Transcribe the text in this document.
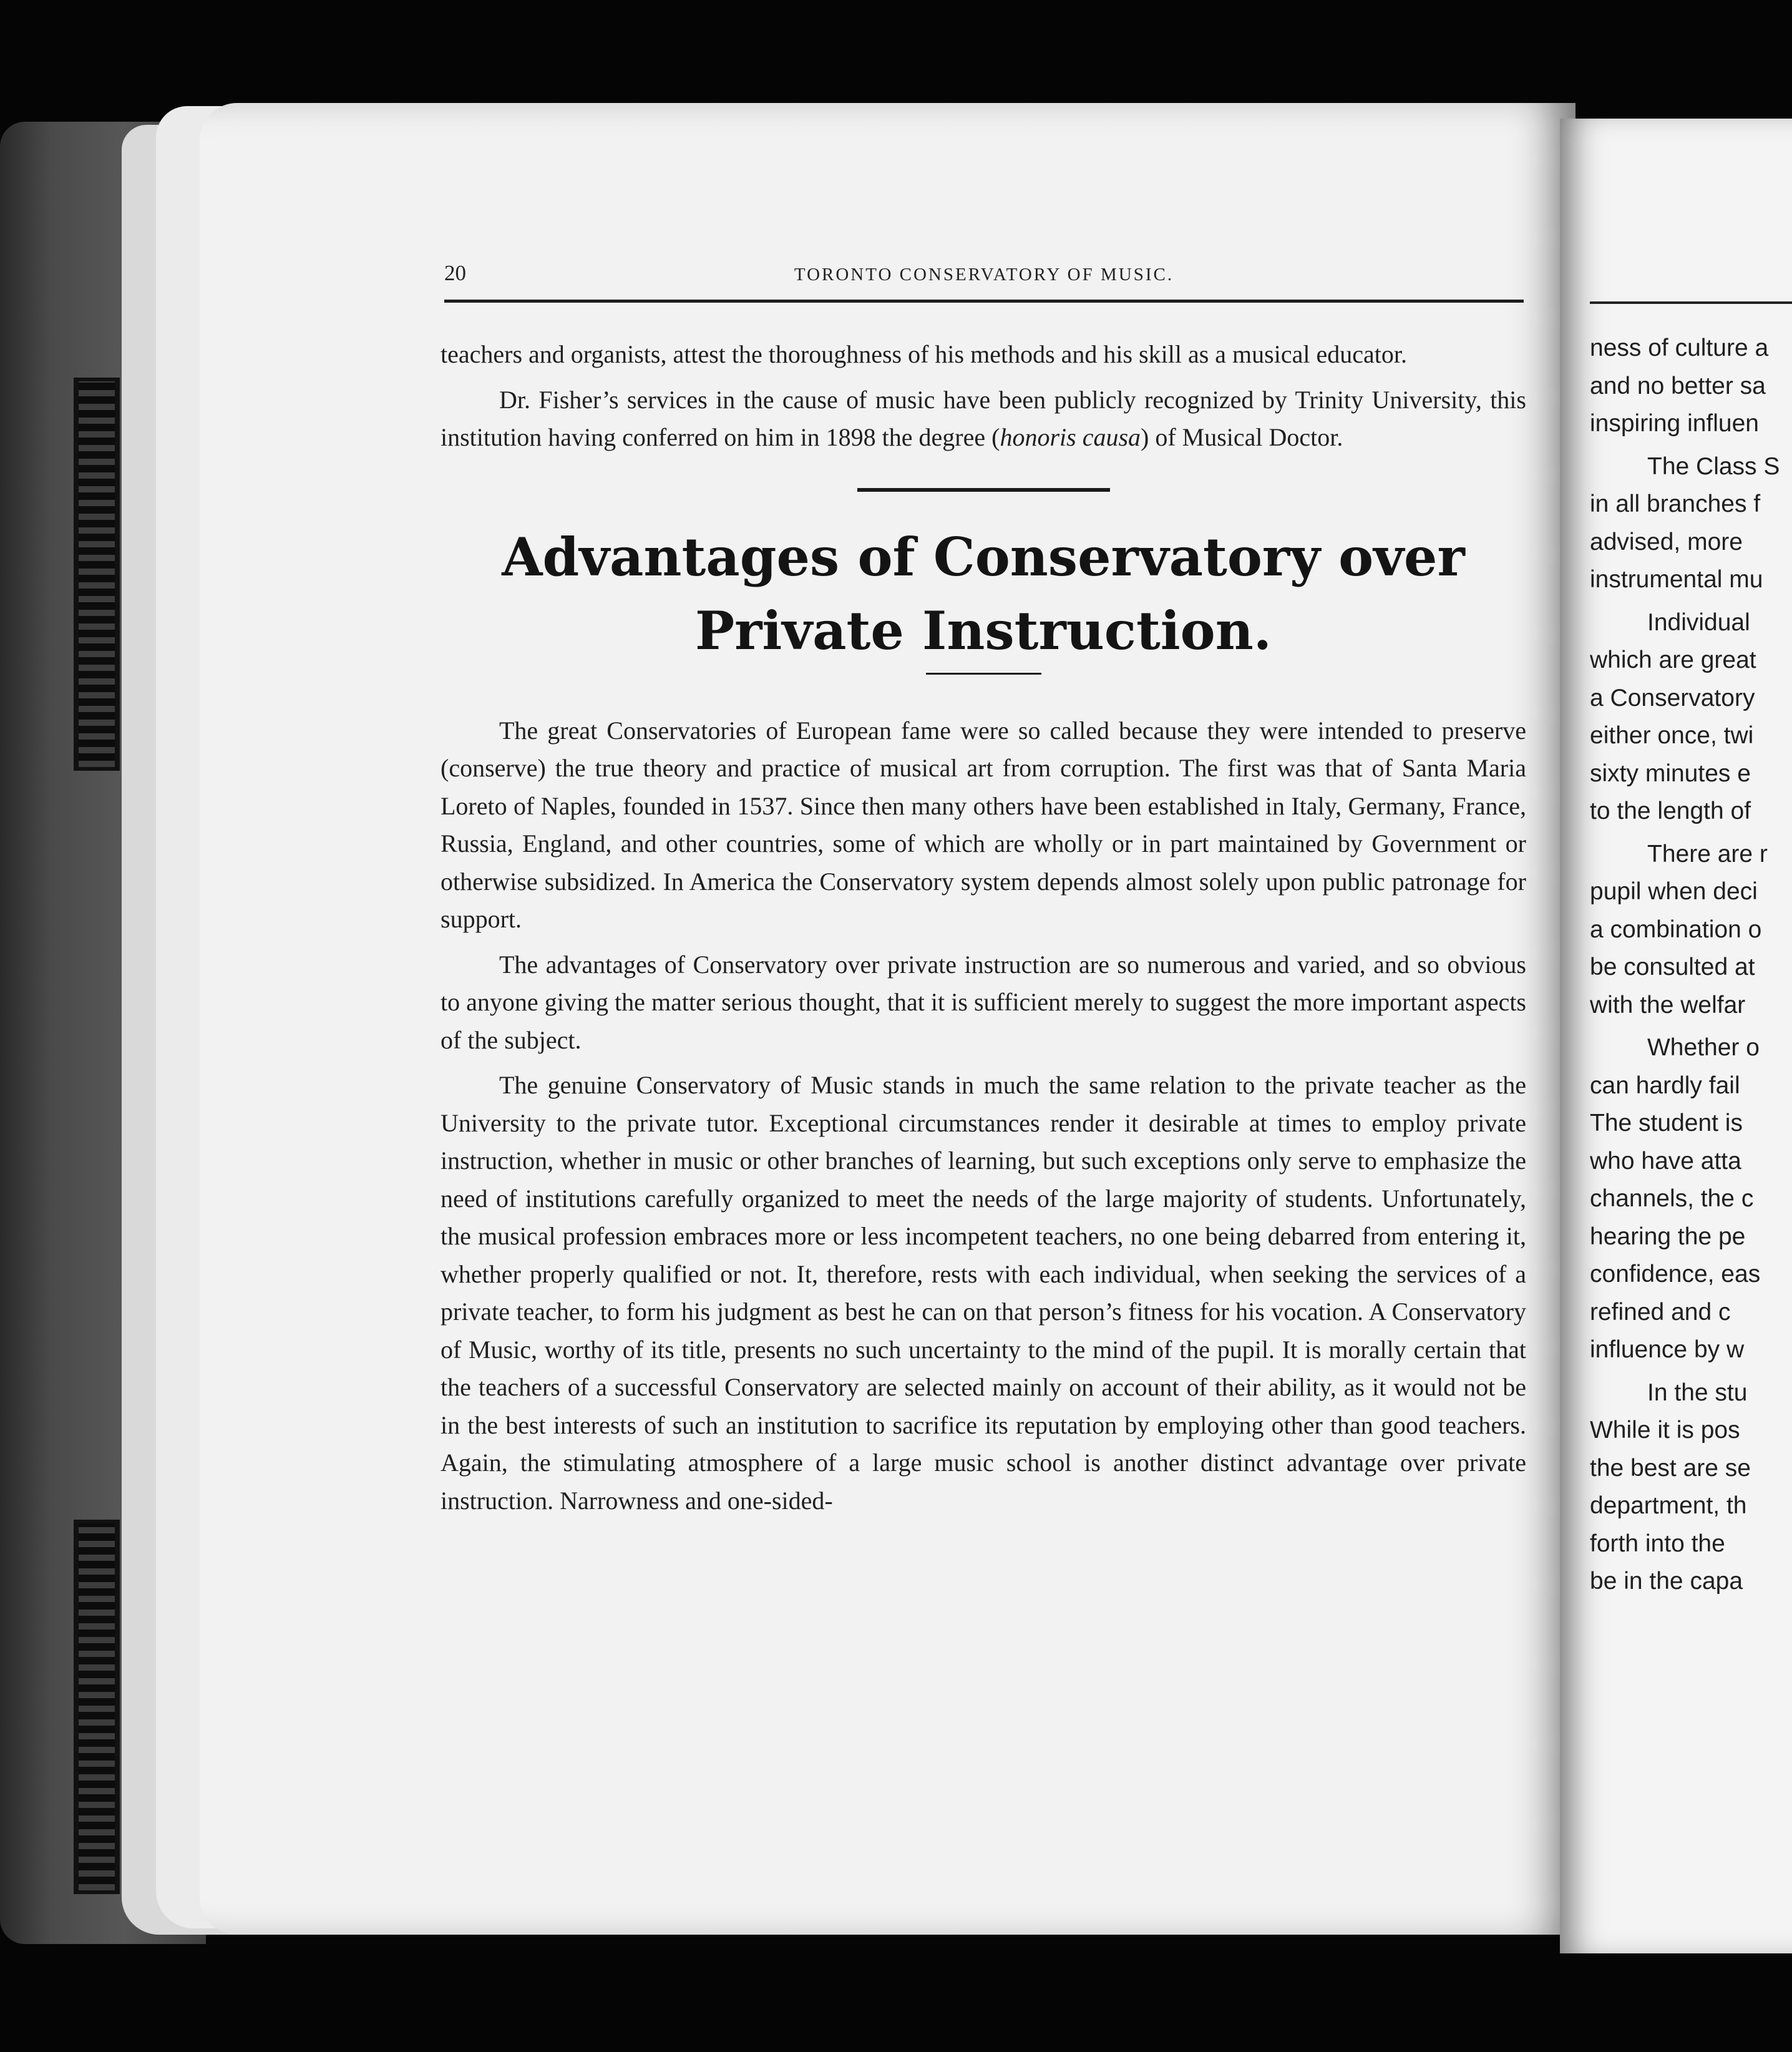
20	TORONTO CONSERVATORY OF MUSIC.

teachers and organists, attest the thoroughness of his methods and his skill as a musical educator.

Dr. Fisher’s services in the cause of music have been publicly recognized by Trinity University, this institution having conferred on him in 1898 the degree (honoris causa) of Musical Doctor.

Advantages of Conservatory over Private Instruction.

The great Conservatories of European fame were so called because they were intended to preserve (conserve) the true theory and practice of musical art from corruption. The first was that of Santa Maria Loreto of Naples, founded in 1537. Since then many others have been established in Italy, Germany, France, Russia, England, and other countries, some of which are wholly or in part maintained by Government or otherwise subsidized. In America the Conservatory system depends almost solely upon public patronage for support.

The advantages of Conservatory over private instruction are so numerous and varied, and so obvious to anyone giving the matter serious thought, that it is sufficient merely to suggest the more important aspects of the subject.

The genuine Conservatory of Music stands in much the same relation to the private teacher as the University to the private tutor. Exceptional circumstances render it desirable at times to employ private instruction, whether in music or other branches of learning, but such exceptions only serve to emphasize the need of institutions carefully organized to meet the needs of the large majority of students. Unfortunately, the musical profession embraces more or less incompetent teachers, no one being debarred from entering it, whether properly qualified or not. It, therefore, rests with each individual, when seeking the services of a private teacher, to form his judgment as best he can on that person’s fitness for his vocation. A Conservatory of Music, worthy of its title, presents no such uncertainty to the mind of the pupil. It is morally certain that the teachers of a successful Conservatory are selected mainly on account of their ability, as it would not be in the best interests of such an institution to sacrifice its reputation by employing other than good teachers. Again, the stimulating atmosphere of a large music school is another distinct advantage over private instruction. Narrowness and one-sided-

ness of culture a
and no better sa
inspiring influen
The Class S
in all branches f
advised, more
instrumental mu
Individual
which are great
a Conservatory
either once, twi
sixty minutes e
to the length of
There are r
pupil when deci
a combination o
be consulted at
with the welfar
Whether o
can hardly fail
The student is
who have atta
channels, the c
hearing the pe
confidence, eas
refined and c
influence by w
In the stu
While it is pos
the best are se
department, th
forth into the
be in the capa
